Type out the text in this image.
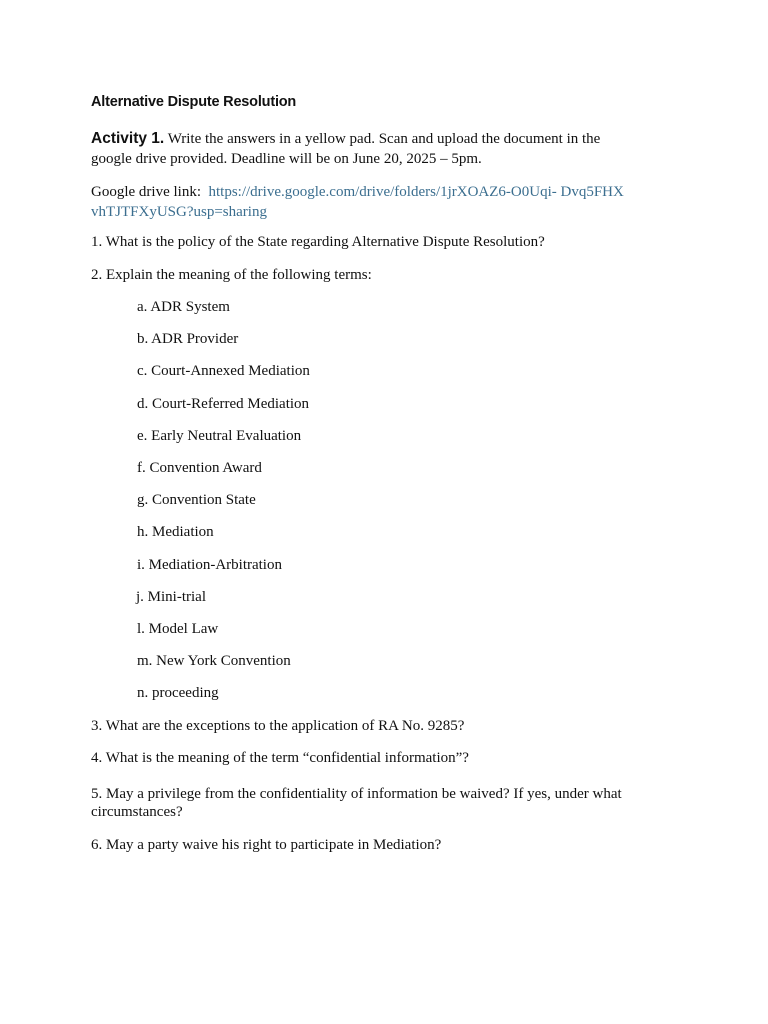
Alternative Dispute Resolution

Activity 1. Write the answers in a yellow pad. Scan and upload the document in the google drive provided. Deadline will be on June 20, 2025 – 5pm.

Google drive link: https://drive.google.com/drive/folders/1jrXOAZ6-O0Uqi- Dvq5FHXvhTJTFXyUSG?usp=sharing

1. What is the policy of the State regarding Alternative Dispute Resolution?

2. Explain the meaning of the following terms:

a. ADR System
b. ADR Provider
c. Court-Annexed Mediation
d. Court-Referred Mediation
e. Early Neutral Evaluation
f. Convention Award
g. Convention State
h. Mediation
i. Mediation-Arbitration
j. Mini-trial
l. Model Law
m. New York Convention
n. proceeding

3. What are the exceptions to the application of RA No. 9285?

4. What is the meaning of the term “confidential information”?

5. May a privilege from the confidentiality of information be waived? If yes, under what circumstances?

6. May a party waive his right to participate in Mediation?
